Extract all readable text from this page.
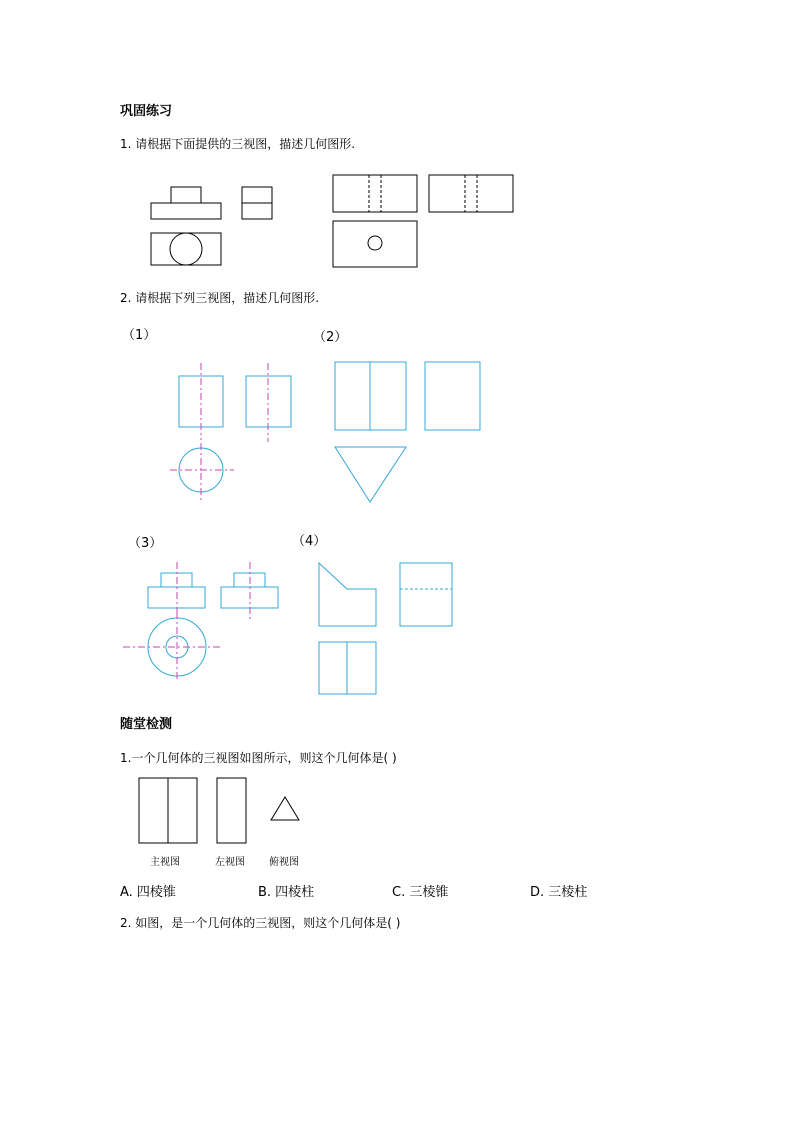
巩固练习
1. 请根据下面提供的三视图，描述几何图形.
2. 请根据下列三视图，描述几何图形.
（1）	（2）
（3）	（4）
随堂检测
1.一个几何体的三视图如图所示，则这个几何体是( )
主视图	左视图 俯视图
A. 四棱锥	B. 四棱柱	C. 三棱锥	D. 三棱柱
2. 如图，是一个几何体的三视图，则这个几何体是( )
